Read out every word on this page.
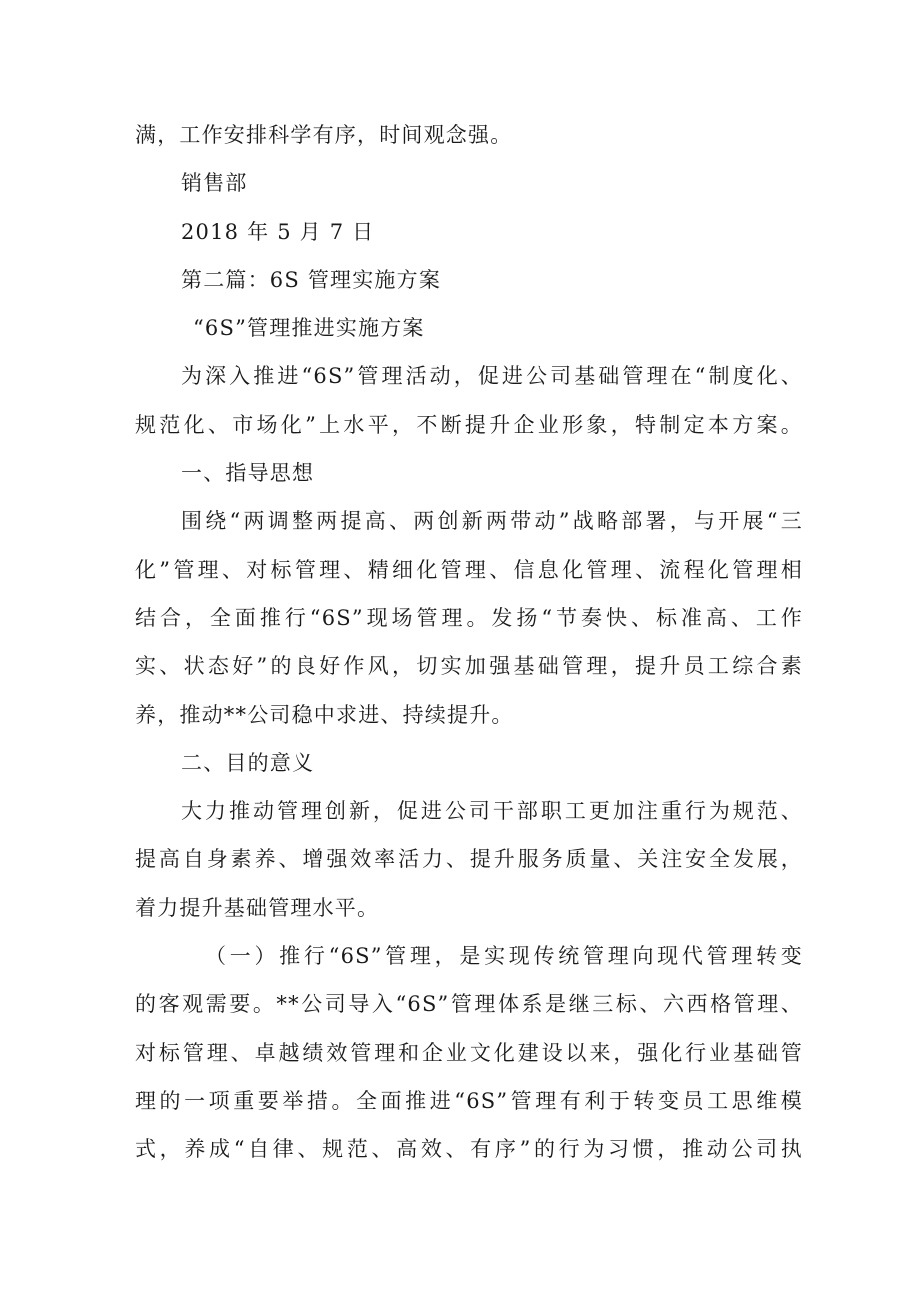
满，工作安排科学有序，时间观念强。
销售部
2018 年 5 月 7 日
第二篇：6S 管理实施方案
“6S”管理推进实施方案
为深入推进“6S”管理活动，促进公司基础管理在“制度化、
规范化、市场化”上水平，不断提升企业形象，特制定本方案。
一、指导思想
围绕“两调整两提高、两创新两带动”战略部署，与开展“三
化”管理、对标管理、精细化管理、信息化管理、流程化管理相
结合，全面推行“6S”现场管理。发扬“节奏快、标准高、工作
实、状态好”的良好作风，切实加强基础管理，提升员工综合素
养，推动**公司稳中求进、持续提升。
二、目的意义
大力推动管理创新，促进公司干部职工更加注重行为规范、
提高自身素养、增强效率活力、提升服务质量、关注安全发展，
着力提升基础管理水平。
（一）推行“6S”管理，是实现传统管理向现代管理转变
的客观需要。**公司导入“6S”管理体系是继三标、六西格管理、
对标管理、卓越绩效管理和企业文化建设以来，强化行业基础管
理的一项重要举措。全面推进“6S”管理有利于转变员工思维模
式，养成“自律、规范、高效、有序”的行为习惯，推动公司执
